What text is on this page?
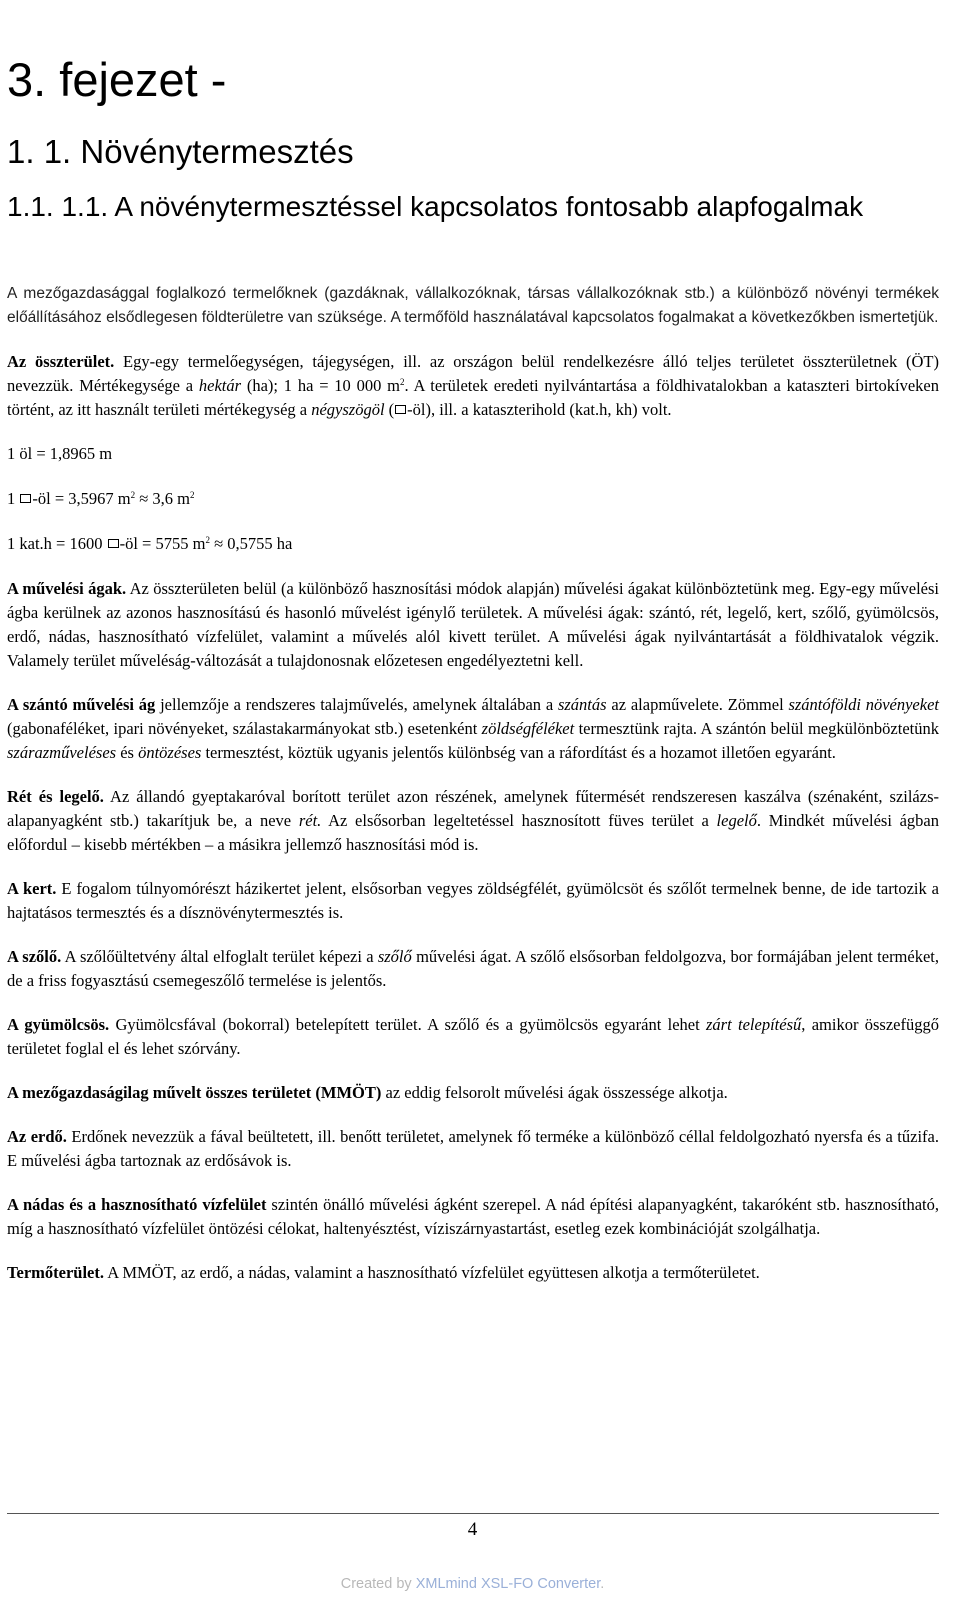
3. fejezet -
1. 1. Növénytermesztés
1.1. 1.1. A növénytermesztéssel kapcsolatos fontosabb alapfogalmak

A mezőgazdasággal foglalkozó termelőknek (gazdáknak, vállalkozóknak, társas vállalkozóknak stb.) a különböző növényi termékek előállításához elsődlegesen földterületre van szüksége. A termőföld használatával kapcsolatos fogalmakat a következőkben ismertetjük.

Az összterület. Egy-egy termelőegységen, tájegységen, ill. az országon belül rendelkezésre álló teljes területet összterületnek (ÖT) nevezzük. Mértékegysége a hektár (ha); 1 ha = 10 000 $m^2$. A területek eredeti nyilvántartása a földhivatalokban a kataszteri birtokíveken történt, az itt használt területi mértékegység a négyszögöl ( -öl), ill. a kataszterihold (kat.h, kh) volt.

1 öl = 1,8965 m

1 -öl = 3,5967 $m^2 \approx 3,6$ $m^2$

1 kat.h = 1600 -öl = 5755 $m^2 \approx 0,5755$ ha

A művelési ágak. Az összterületen belül (a különböző hasznosítási módok alapján) művelési ágakat különböztetünk meg. Egy-egy művelési ágba kerülnek az azonos hasznosítású és hasonló művelést igénylő területek. A művelési ágak: szántó, rét, legelő, kert, szőlő, gyümölcsös, erdő, nádas, hasznosítható vízfelület, valamint a művelés alól kivett terület. A művelési ágak nyilvántartását a földhivatalok végzik. Valamely terület műveléság-változását a tulajdonosnak előzetesen engedélyeztetni kell.

A szántó művelési ág jellemzője a rendszeres talajművelés, amelynek általában a szántás az alapművelete. Zömmel szántóföldi növényeket (gabonaféléket, ipari növényeket, szálastakarmányokat stb.) esetenként zöldségféléket termesztünk rajta. A szántón belül megkülönböztetünk szárazműveléses és öntözéses termesztést, köztük ugyanis jelentős különbség van a ráfordítást és a hozamot illetően egyaránt.

Rét és legelő. Az állandó gyeptakaróval borított terület azon részének, amelynek fűtermését rendszeresen kaszálva (szénaként, szilázs-alapanyagként stb.) takarítjuk be, a neve rét. Az elsősorban legeltetéssel hasznosított füves terület a legelő. Mindkét művelési ágban előfordul – kisebb mértékben – a másikra jellemző hasznosítási mód is.

A kert. E fogalom túlnyomórészt házikertet jelent, elsősorban vegyes zöldségfélét, gyümölcsöt és szőlőt termelnek benne, de ide tartozik a hajtatásos termesztés és a dísznövénytermesztés is.

A szőlő. A szőlőültetvény által elfoglalt terület képezi a szőlő művelési ágat. A szőlő elsősorban feldolgozva, bor formájában jelent terméket, de a friss fogyasztású csemegeszőlő termelése is jelentős.

A gyümölcsös. Gyümölcsfával (bokorral) betelepített terület. A szőlő és a gyümölcsös egyaránt lehet zárt telepítésű, amikor összefüggő területet foglal el és lehet szórvány.

A mezőgazdaságilag művelt összes területet (MMÖT) az eddig felsorolt művelési ágak összessége alkotja.

Az erdő. Erdőnek nevezzük a fával beültetett, ill. benőtt területet, amelynek fő terméke a különböző céllal feldolgozható nyersfa és a tűzifa. E művelési ágba tartoznak az erdősávok is.

A nádas és a hasznosítható vízfelület szintén önálló művelési ágként szerepel. A nád építési alapanyagként, takaróként stb. hasznosítható, míg a hasznosítható vízfelület öntözési célokat, haltenyésztést, víziszárnyastartást, esetleg ezek kombinációját szolgálhatja.

Termőterület. A MMÖT, az erdő, a nádas, valamint a hasznosítható vízfelület együttesen alkotja a termőterületet.

4
Created by XMLmind XSL-FO Converter.
